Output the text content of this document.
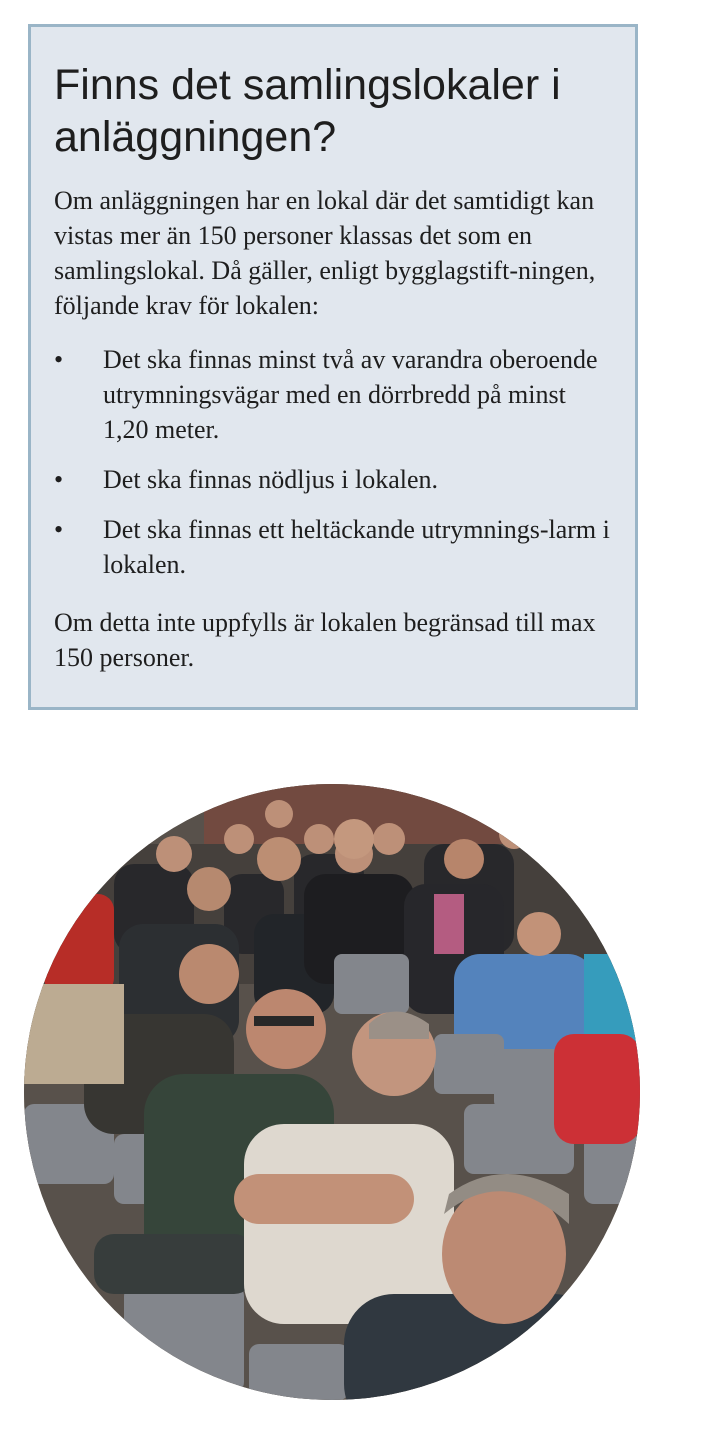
Finns det samlingslokaler i anläggningen?

Om anläggningen har en lokal där det samtidigt kan vistas mer än 150 personer klassas det som en samlingslokal. Då gäller, enligt bygglagstift-ningen, följande krav för lokalen:

• Det ska finnas minst två av varandra oberoende utrymningsvägar med en dörrbredd på minst 1,20 meter.
• Det ska finnas nödljus i lokalen.
• Det ska finnas ett heltäckande utrymnings-larm i lokalen.

Om detta inte uppfylls är lokalen begränsad till max 150 personer.
